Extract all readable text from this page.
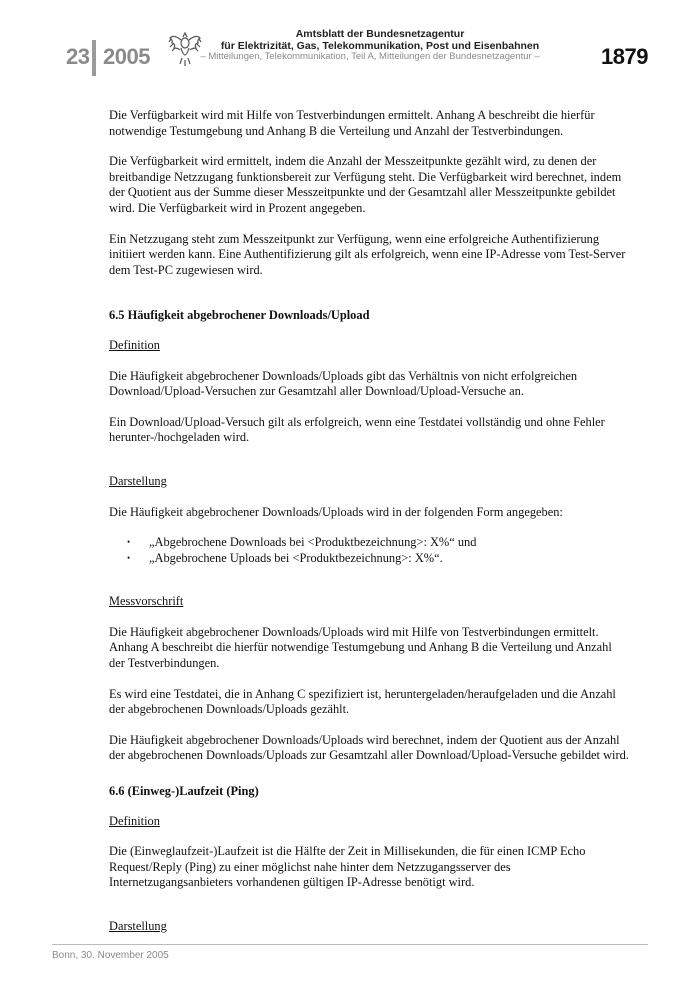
23 2005
Amtsblatt der Bundesnetzagentur
für Elektrizität, Gas, Telekommunikation, Post und Eisenbahnen
– Mitteilungen, Telekommunikation, Teil A, Mitteilungen der Bundesnetzagentur –	1879

Die Verfügbarkeit wird mit Hilfe von Testverbindungen ermittelt. Anhang A beschreibt die hierfür notwendige Testumgebung und Anhang B die Verteilung und Anzahl der Testverbindungen.

Die Verfügbarkeit wird ermittelt, indem die Anzahl der Messzeitpunkte gezählt wird, zu denen der breitbandige Netzzugang funktionsbereit zur Verfügung steht. Die Verfügbarkeit wird berechnet, indem der Quotient aus der Summe dieser Messzeitpunkte und der Gesamtzahl aller Messzeitpunkte gebildet wird. Die Verfügbarkeit wird in Prozent angegeben.

Ein Netzzugang steht zum Messzeitpunkt zur Verfügung, wenn eine erfolgreiche Authentifizierung initiiert werden kann. Eine Authentifizierung gilt als erfolgreich, wenn eine IP-Adresse vom Test-Server dem Test-PC zugewiesen wird.

6.5 Häufigkeit abgebrochener Downloads/Upload

Definition

Die Häufigkeit abgebrochener Downloads/Uploads gibt das Verhältnis von nicht erfolgreichen Download/Upload-Versuchen zur Gesamtzahl aller Download/Upload-Versuche an.

Ein Download/Upload-Versuch gilt als erfolgreich, wenn eine Testdatei vollständig und ohne Fehler herunter-/hochgeladen wird.

Darstellung

Die Häufigkeit abgebrochener Downloads/Uploads wird in der folgenden Form angegeben:

• „Abgebrochene Downloads bei <Produktbezeichnung>: X%“ und
• „Abgebrochene Uploads bei <Produktbezeichnung>: X%“.

Messvorschrift

Die Häufigkeit abgebrochener Downloads/Uploads wird mit Hilfe von Testverbindungen ermittelt. Anhang A beschreibt die hierfür notwendige Testumgebung und Anhang B die Verteilung und Anzahl der Testverbindungen.

Es wird eine Testdatei, die in Anhang C spezifiziert ist, heruntergeladen/heraufgeladen und die Anzahl der abgebrochenen Downloads/Uploads gezählt.

Die Häufigkeit abgebrochener Downloads/Uploads wird berechnet, indem der Quotient aus der Anzahl der abgebrochenen Downloads/Uploads zur Gesamtzahl aller Download/Upload-Versuche gebildet wird.

6.6 (Einweg-)Laufzeit (Ping)

Definition

Die (Einweglaufzeit-)Laufzeit ist die Hälfte der Zeit in Millisekunden, die für einen ICMP Echo Request/Reply (Ping) zu einer möglichst nahe hinter dem Netzzugangsserver des Internetzugangsanbieters vorhandenen gültigen IP-Adresse benötigt wird.

Darstellung

Bonn, 30. November 2005
